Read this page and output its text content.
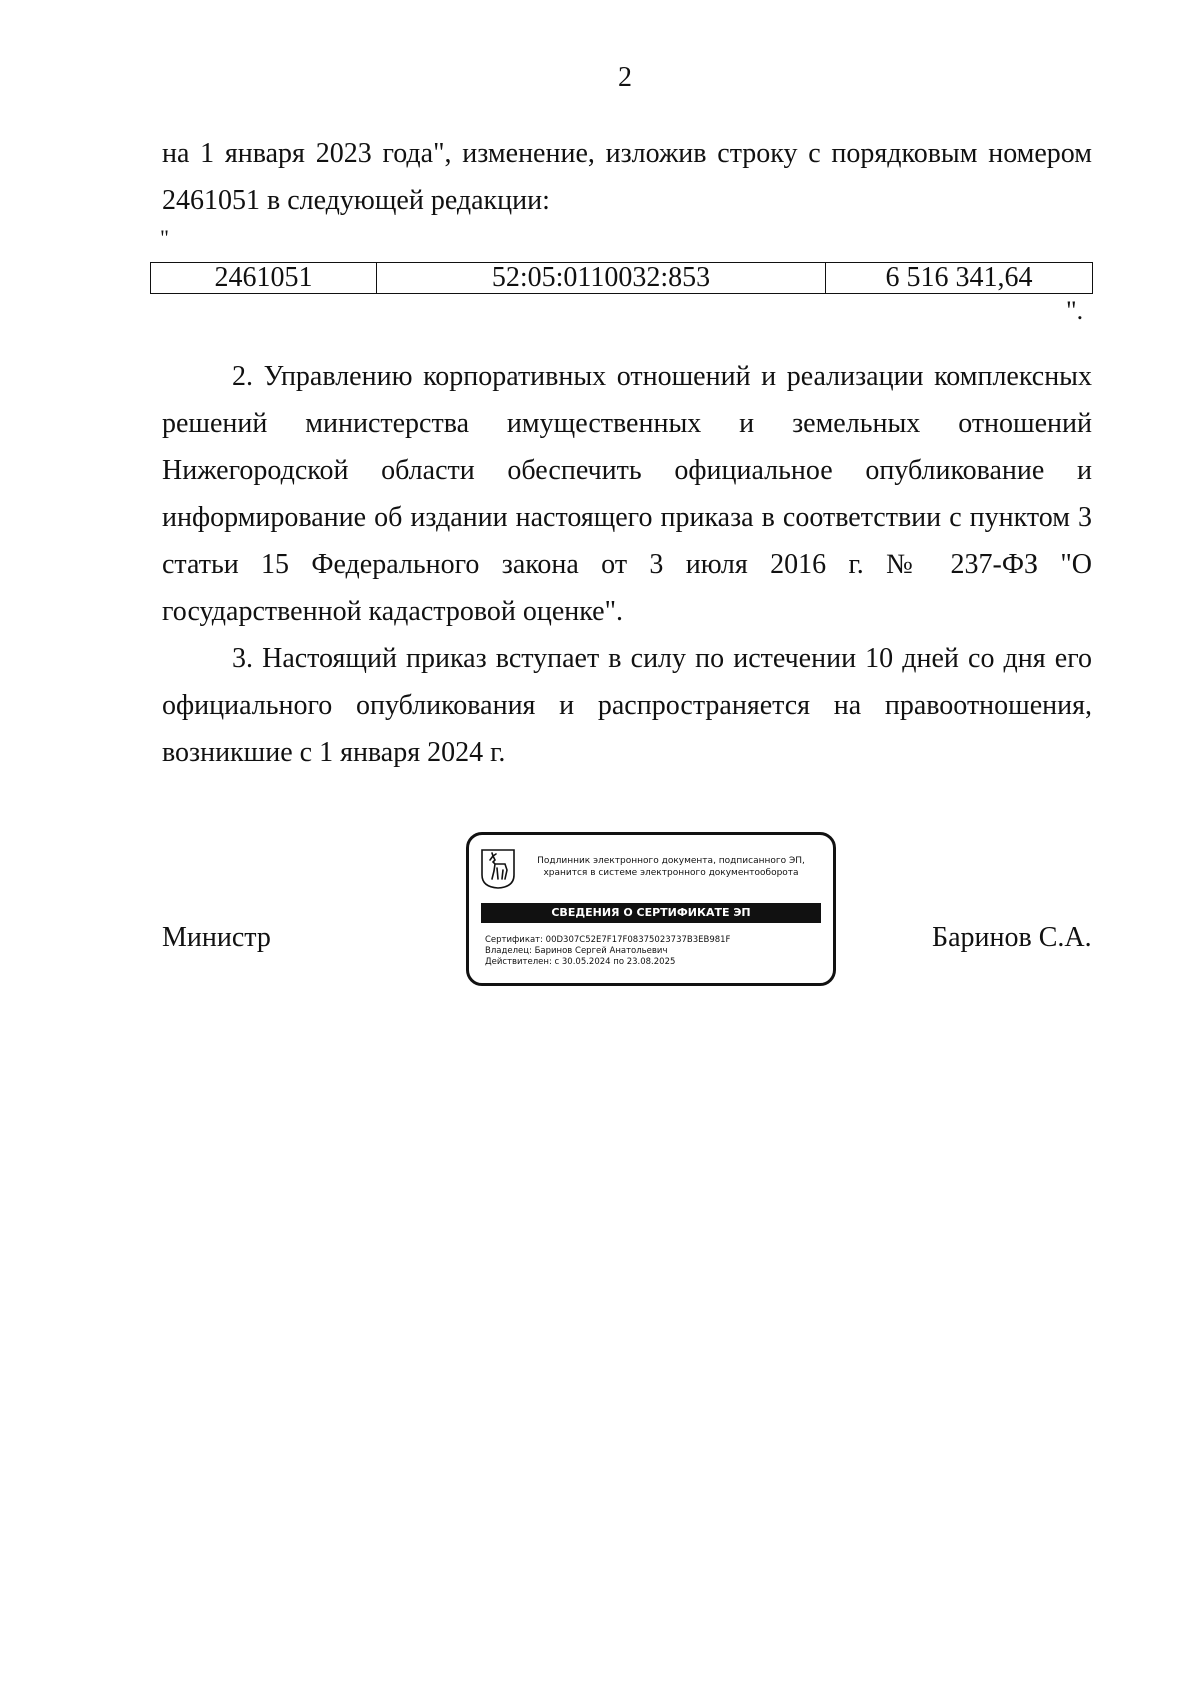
2

на 1 января 2023 года", изменение, изложив строку с порядковым номером 2461051 в следующей редакции:

"
2461051	52:05:0110032:853	6 516 341,64
".

2. Управлению корпоративных отношений и реализации комплексных решений министерства имущественных и земельных отношений Нижегородской области обеспечить официальное опубликование и информирование об издании настоящего приказа в соответствии с пунктом 3 статьи 15 Федерального закона от 3 июля 2016 г. № 237-ФЗ "О государственной кадастровой оценке".

3. Настоящий приказ вступает в силу по истечении 10 дней со дня его официального опубликования и распространяется на правоотношения, возникшие с 1 января 2024 г.

Министр
Подлинник электронного документа, подписанного ЭП,
хранится в системе электронного документооборота
СВЕДЕНИЯ О СЕРТИФИКАТЕ ЭП
Сертификат: 00D307C52E7F17F08375023737B3EB981F
Владелец: Баринов Сергей Анатольевич
Действителен: с 30.05.2024 по 23.08.2025
Баринов С.А.
